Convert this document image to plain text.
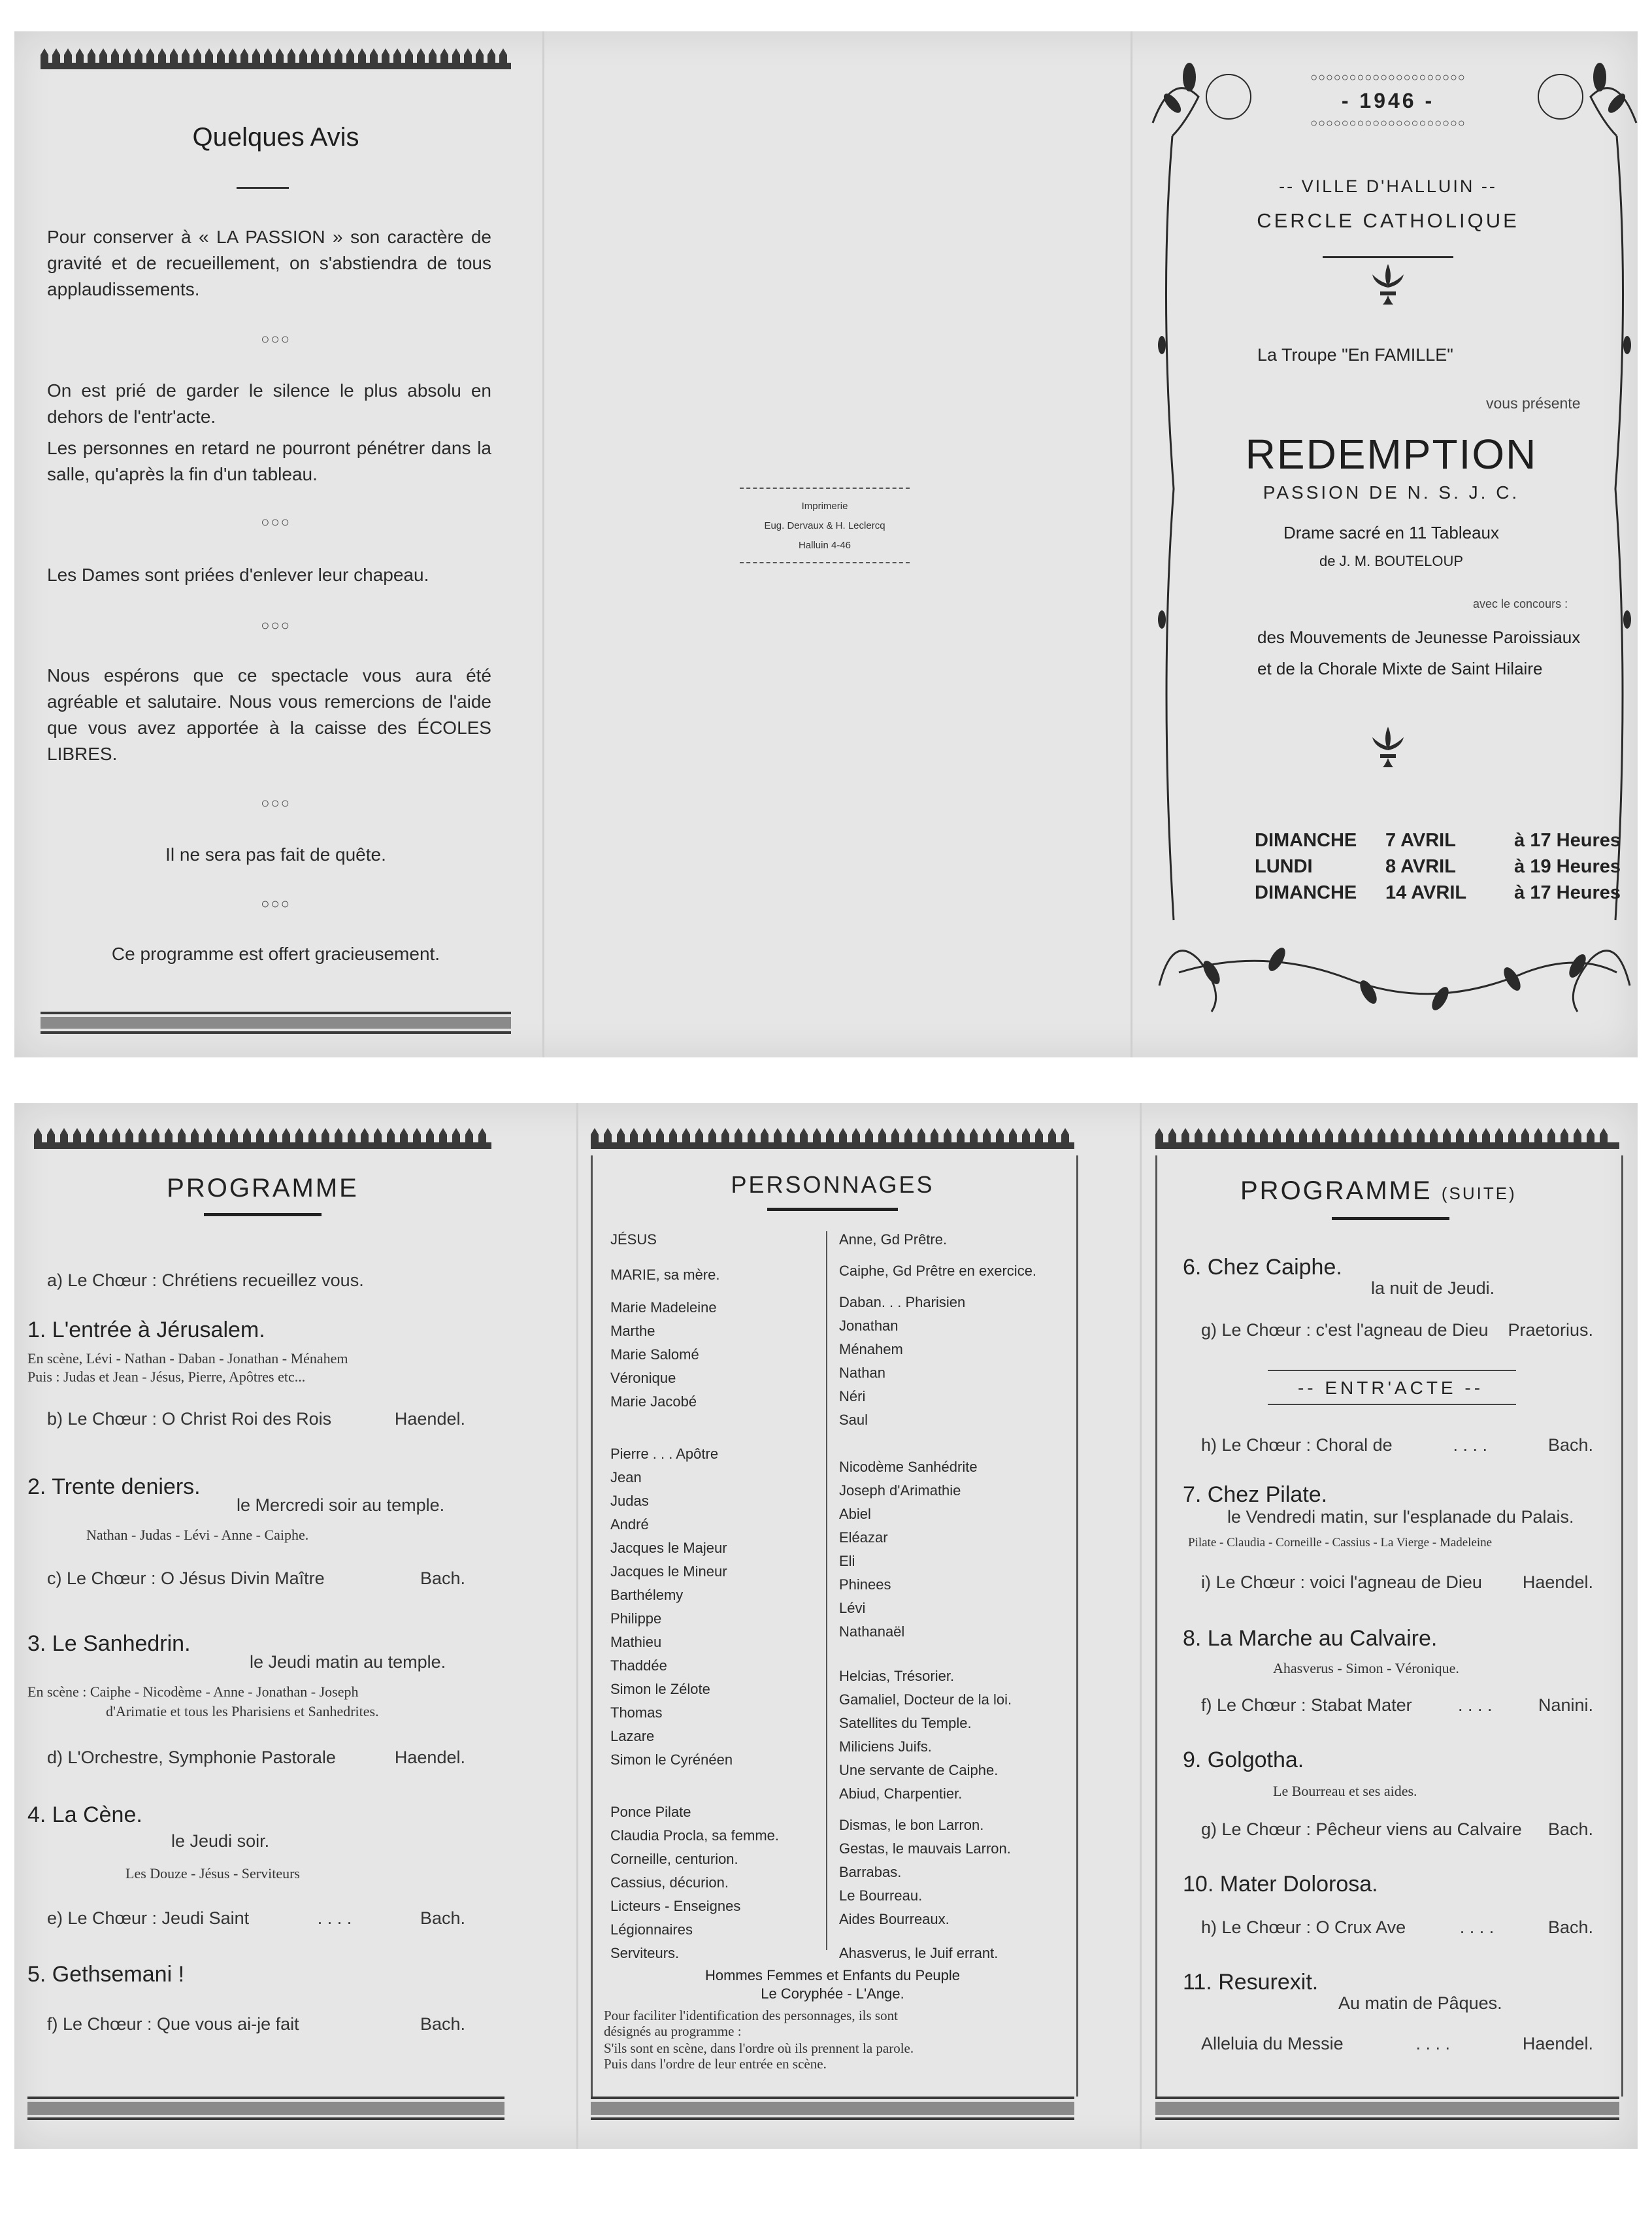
Quelques Avis
Pour conserver à « LA PASSION » son caractère de gravité et de recueillement, on s'abstiendra de tous applaudissements.
○○○
On est prié de garder le silence le plus absolu en dehors de l'entr'acte.
Les personnes en retard ne pourront pénétrer dans la salle, qu'après la fin d'un tableau.
○○○
Les Dames sont priées d'enlever leur chapeau.
○○○
Nous espérons que ce spectacle vous aura été agréable et salutaire. Nous vous remercions de l'aide que vous avez apportée à la caisse des ÉCOLES LIBRES.
○○○
Il ne sera pas fait de quête.
○○○
Ce programme est offert gracieusement.
Imprimerie
Eug. Dervaux & H. Leclercq
Halluin 4-46
○○○○○○○○○○○○○○○○○○○○
- 1946 -
○○○○○○○○○○○○○○○○○○○○
-- VILLE D'HALLUIN --
CERCLE CATHOLIQUE
La Troupe "En FAMILLE"
vous présente
REDEMPTION
PASSION DE N. S. J. C.
Drame sacré en 11 Tableaux
de J. M. BOUTELOUP
avec le concours :
des Mouvements de Jeunesse Paroissiaux
et de la Chorale Mixte de Saint Hilaire
DIMANCHE	7 AVRIL	à 17 Heures
LUNDI	8 AVRIL	à 19 Heures
DIMANCHE	14 AVRIL	à 17 Heures
PROGRAMME
a) Le Chœur : Chrétiens recueillez vous.
1. L'entrée à Jérusalem.
En scène, Lévi - Nathan - Daban - Jonathan - Ménahem
Puis : Judas et Jean - Jésus, Pierre, Apôtres etc...
b) Le Chœur : O Christ Roi des Rois	Haendel.
2. Trente deniers.
le Mercredi soir au temple.
Nathan - Judas - Lévi - Anne - Caiphe.
c) Le Chœur : O Jésus Divin Maître	Bach.
3. Le Sanhedrin.
le Jeudi matin au temple.
En scène : Caiphe - Nicodème - Anne - Jonathan - Joseph
d'Arimatie et tous les Pharisiens et Sanhedrites.
d) L'Orchestre, Symphonie Pastorale	Haendel.
4. La Cène.
le Jeudi soir.
Les Douze - Jésus - Serviteurs
e) Le Chœur : Jeudi Saint	. . . .	Bach.
5. Gethsemani !
f) Le Chœur : Que vous ai-je fait	Bach.
PERSONNAGES
JÉSUS
MARIE, sa mère.
Marie Madeleine
Marthe
Marie Salomé
Véronique
Marie Jacobé
Pierre . . . Apôtre
Jean
Judas
André
Jacques le Majeur
Jacques le Mineur
Barthélemy
Philippe
Mathieu
Thaddée
Simon le Zélote
Thomas
Lazare
Simon le Cyrénéen
Ponce Pilate
Claudia Procla, sa femme.
Corneille, centurion.
Cassius, décurion.
Licteurs - Enseignes
Légionnaires
Serviteurs.
Anne, Gd Prêtre.
Caiphe, Gd Prêtre en exercice.
Daban. . . Pharisien
Jonathan
Ménahem
Nathan
Néri
Saul
Nicodème Sanhédrite
Joseph d'Arimathie
Abiel
Eléazar
Eli
Phinees
Lévi
Nathanaël
Helcias, Trésorier.
Gamaliel, Docteur de la loi.
Satellites du Temple.
Miliciens Juifs.
Une servante de Caiphe.
Abiud, Charpentier.
Dismas, le bon Larron.
Gestas, le mauvais Larron.
Barrabas.
Le Bourreau.
Aides Bourreaux.
Ahasverus, le Juif errant.
Hommes Femmes et Enfants du Peuple
Le Coryphée - L'Ange.
Pour faciliter l'identification des personnages, ils sont
désignés au programme :
S'ils sont en scène, dans l'ordre où ils prennent la parole.
Puis dans l'ordre de leur entrée en scène.
PROGRAMME (SUITE)
6. Chez Caiphe.
la nuit de Jeudi.
g) Le Chœur : c'est l'agneau de Dieu Praetorius.
-- ENTR'ACTE --
h) Le Chœur : Choral de	. . . .	Bach.
7. Chez Pilate.
le Vendredi matin, sur l'esplanade du Palais.
Pilate - Claudia - Corneille - Cassius - La Vierge - Madeleine
i) Le Chœur : voici l'agneau de Dieu Haendel.
8. La Marche au Calvaire.
Ahasverus - Simon - Véronique.
f) Le Chœur : Stabat Mater	. . . .	Nanini.
9. Golgotha.
Le Bourreau et ses aides.
g) Le Chœur : Pêcheur viens au Calvaire Bach.
10. Mater Dolorosa.
h) Le Chœur : O Crux Ave	. . . .	Bach.
11. Resurexit.
Au matin de Pâques.
Alleluia du Messie	. . . .	Haendel.
